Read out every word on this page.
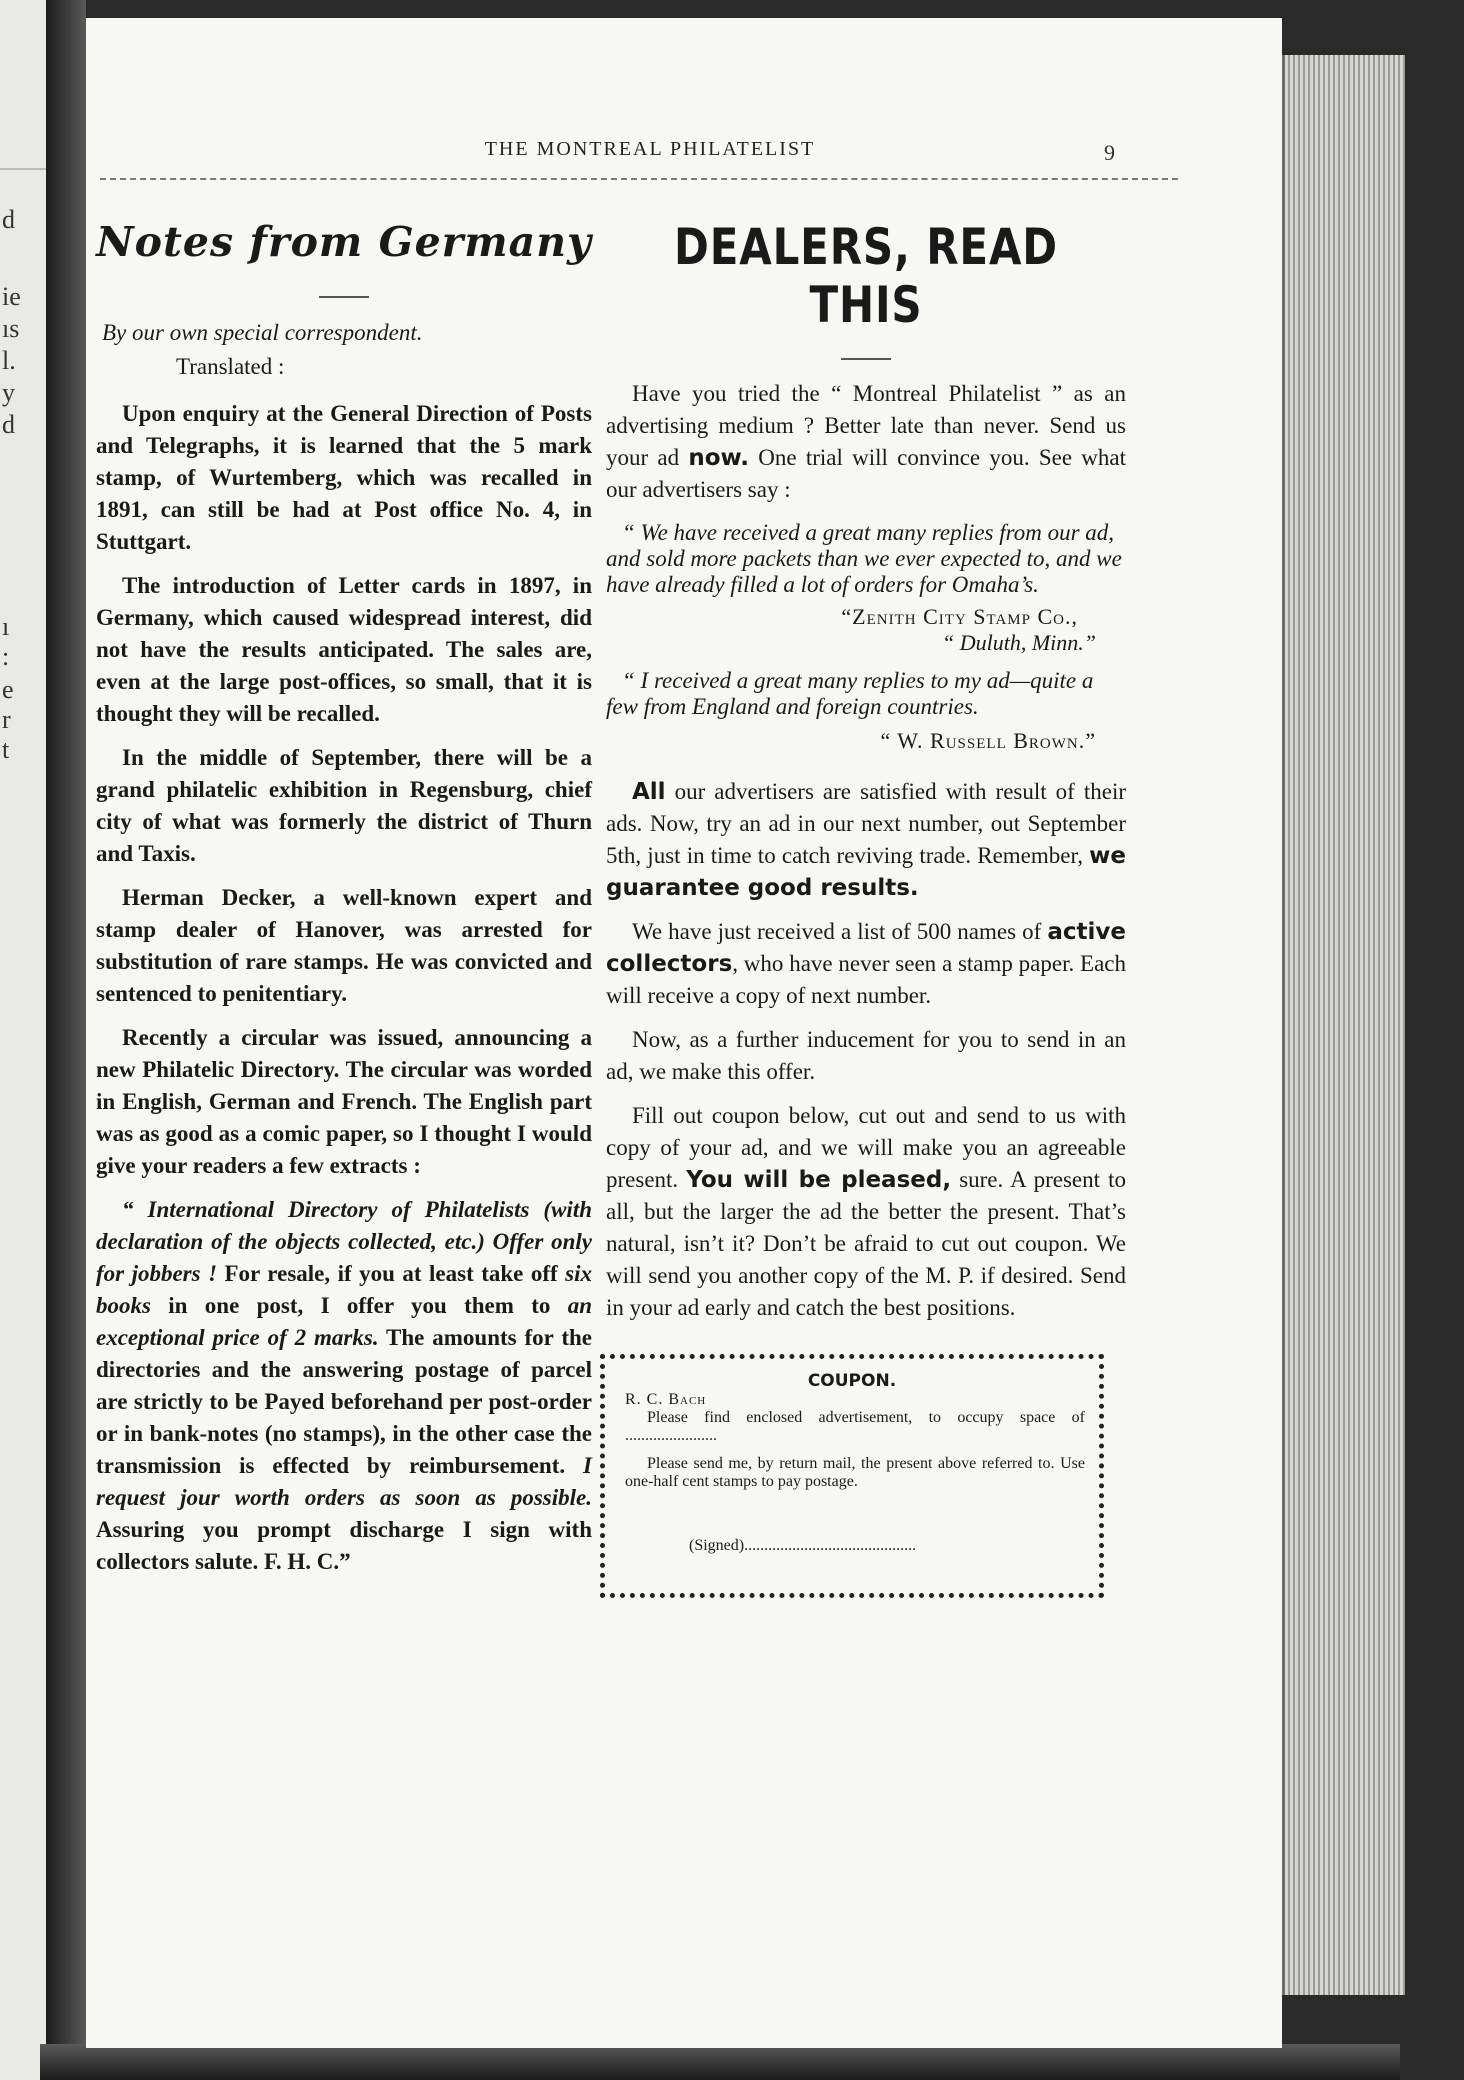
d
ie
ıs
l.
y
d
ı
:
e
r
t
THE MONTREAL PHILATELIST	9
Notes from Germany
By our own special correspondent.
Translated :

Upon enquiry at the General Direction of Posts and Telegraphs, it is learned that the 5 mark stamp, of Wurtemberg, which was recalled in 1891, can still be had at Post office No. 4, in Stuttgart.

The introduction of Letter cards in 1897, in Germany, which caused widespread interest, did not have the results anticipated. The sales are, even at the large post-offices, so small, that it is thought they will be recalled.

In the middle of September, there will be a grand philatelic exhibition in Regensburg, chief city of what was formerly the district of Thurn and Taxis.

Herman Decker, a well-known expert and stamp dealer of Hanover, was arrested for substitution of rare stamps. He was convicted and sentenced to penitentiary.

Recently a circular was issued, announcing a new Philatelic Directory. The circular was worded in English, German and French. The English part was as good as a comic paper, so I thought I would give your readers a few extracts :

“ International Directory of Philatelists (with declaration of the objects collected, etc.) Offer only for jobbers ! For resale, if you at least take off six books in one post, I offer you them to an exceptional price of 2 marks. The amounts for the directories and the answering postage of parcel are strictly to be Payed beforehand per post-order or in bank-notes (no stamps), in the other case the transmission is effected by reimbursement. I request jour worth orders as soon as possible. Assuring you prompt discharge I sign with collectors salute. F. H. C.”

DEALERS, READ THIS

Have you tried the “ Montreal Philatelist ” as an advertising medium ? Better late than never. Send us your ad now. One trial will convince you. See what our advertisers say :

“ We have received a great many replies from our ad, and sold more packets than we ever expected to, and we have already filled a lot of orders for Omaha’s.
“Zenith City Stamp Co.,
“ Duluth, Minn.”
“ I received a great many replies to my ad—quite a few from England and foreign countries.
“ W. Russell Brown.”

All our advertisers are satisfied with result of their ads. Now, try an ad in our next number, out September 5th, just in time to catch reviving trade. Remember, we guarantee good results.

We have just received a list of 500 names of active collectors, who have never seen a stamp paper. Each will receive a copy of next number.

Now, as a further inducement for you to send in an ad, we make this offer.

Fill out coupon below, cut out and send to us with copy of your ad, and we will make you an agreeable present. You will be pleased, sure. A present to all, but the larger the ad the better the present. That’s natural, isn’t it? Don’t be afraid to cut out coupon. We will send you another copy of the M. P. if desired. Send in your ad early and catch the best positions.

COUPON.
R. C. Bach
Please find enclosed advertisement, to occupy space of .......................
Please send me, by return mail, the present above referred to. Use one-half cent stamps to pay postage.
(Signed)...........................................
